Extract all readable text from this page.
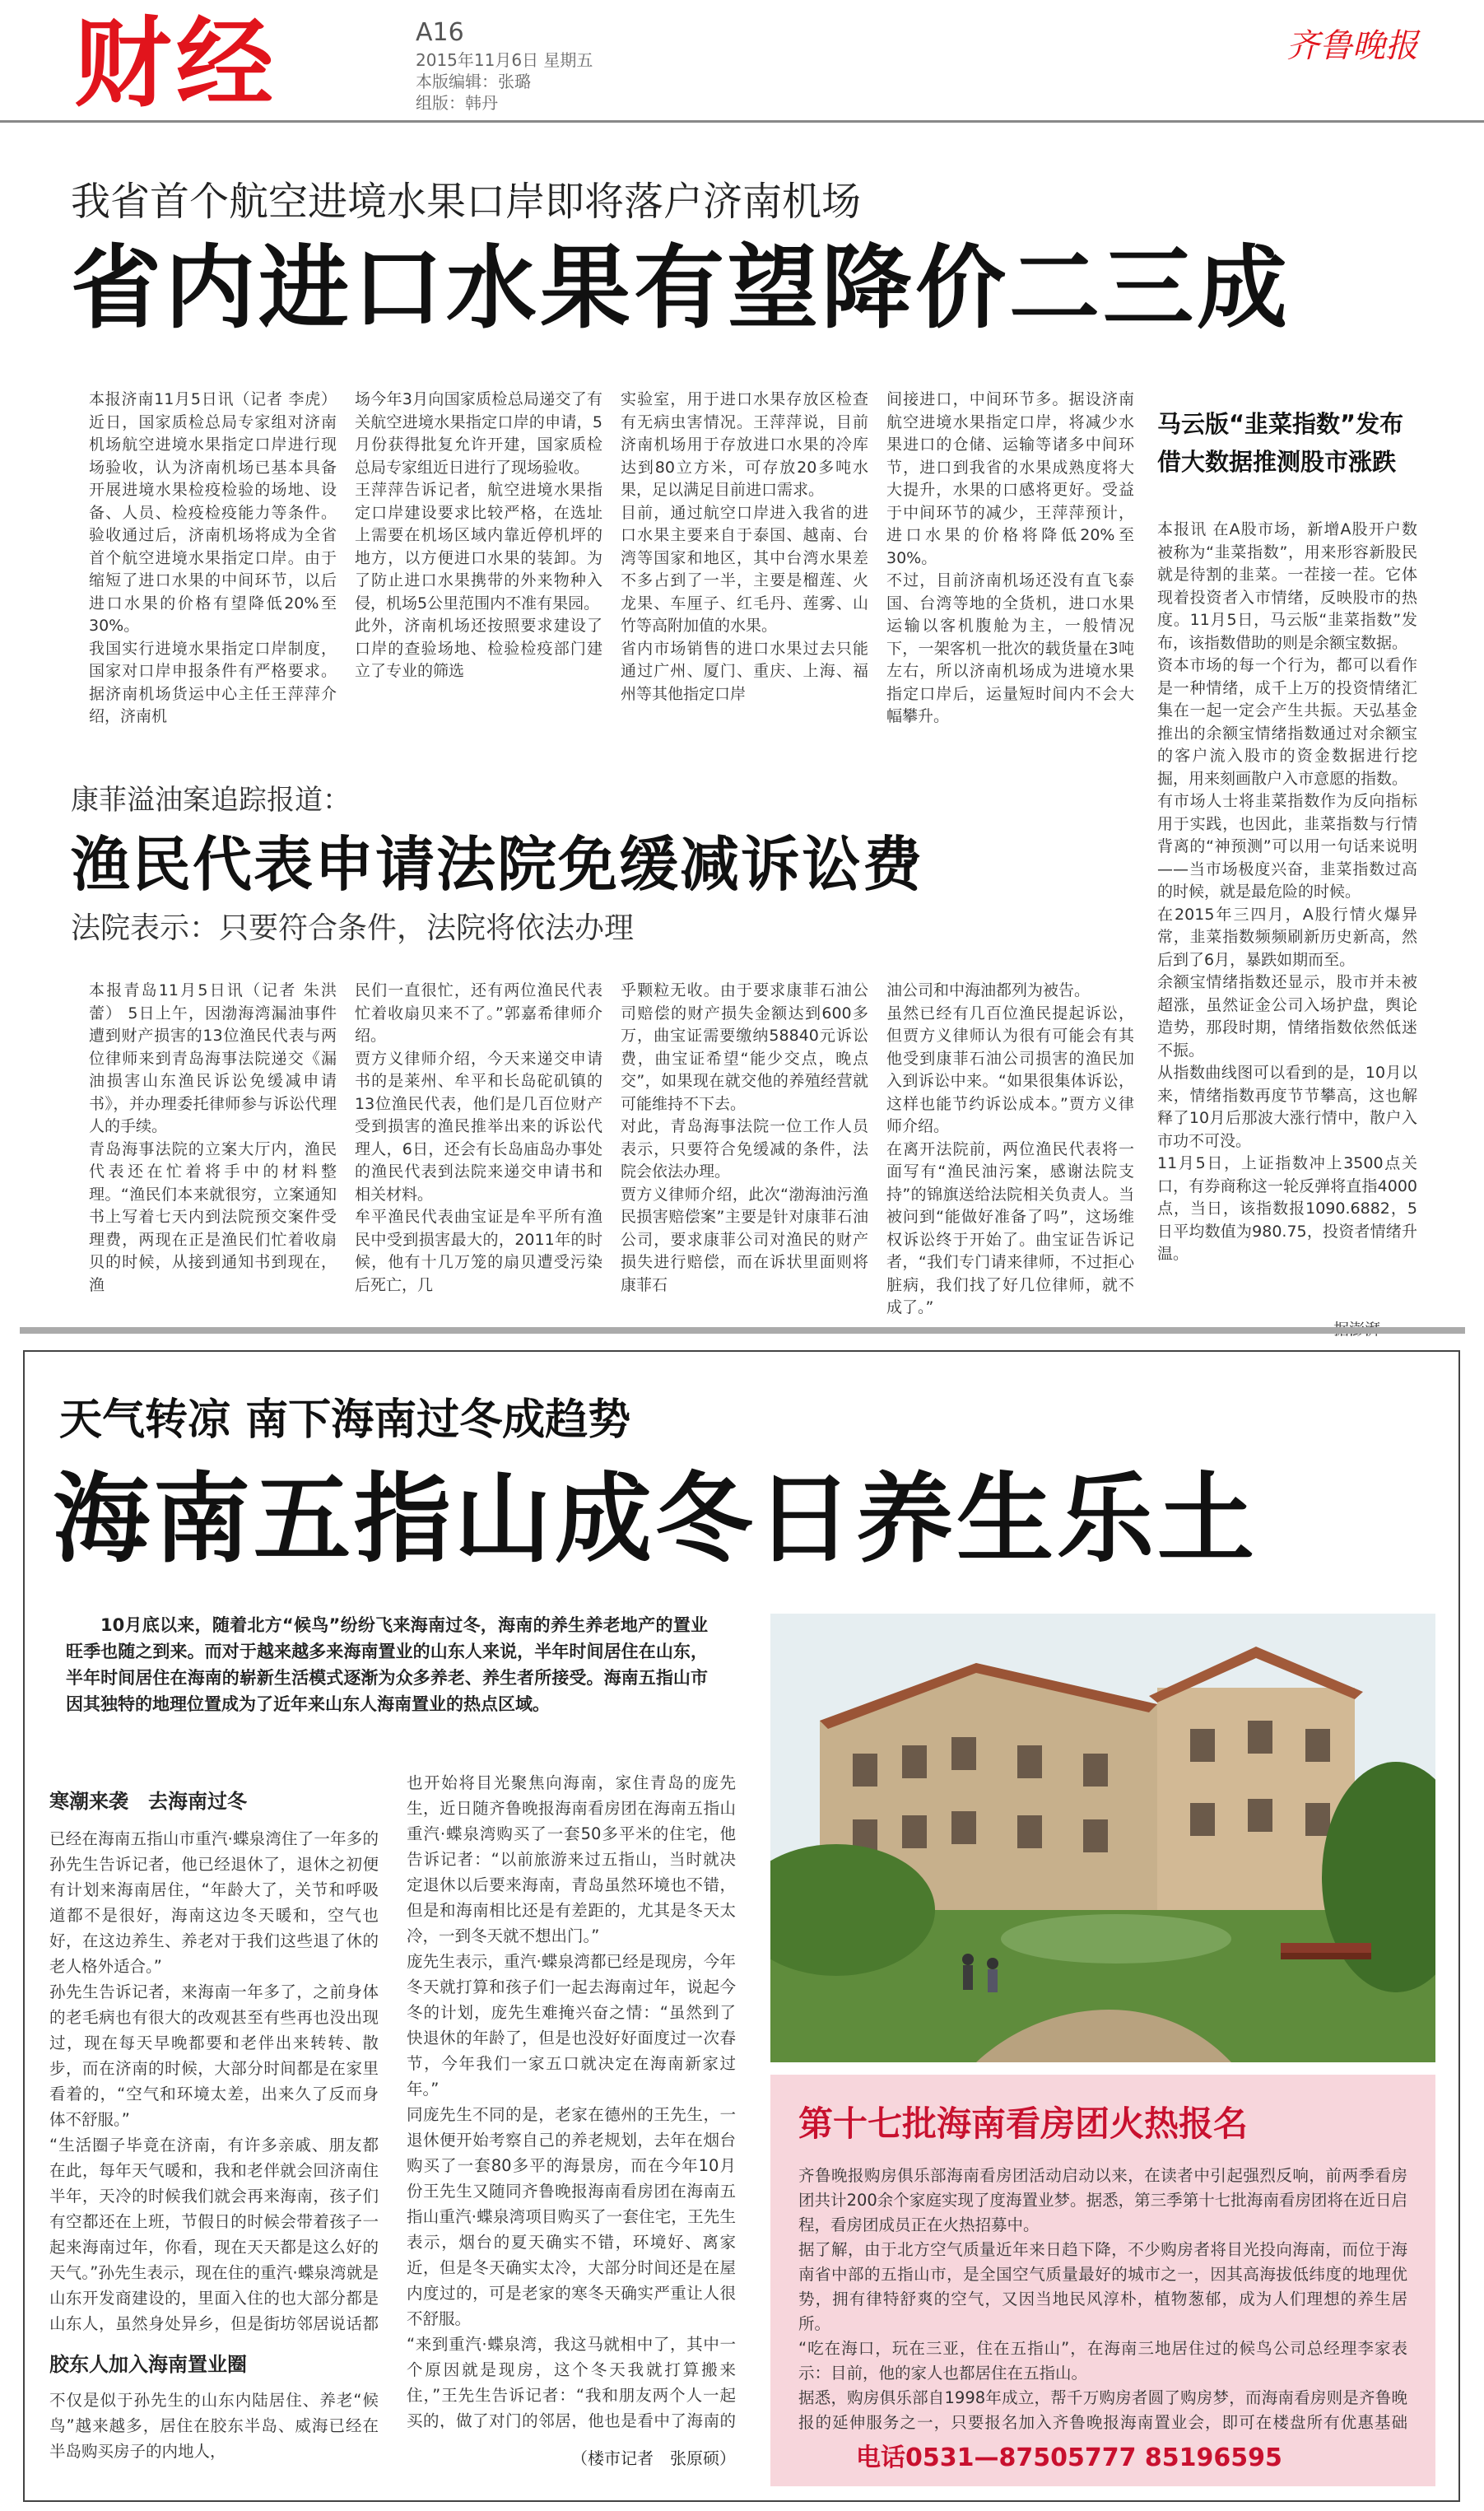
财经	A16
2015年11月6日 星期五
本版编辑：张璐
组版：韩丹
齐鲁晚报
我省首个航空进境水果口岸即将落户济南机场
省内进口水果有望降价二三成
本报济南11月5日讯（记者 李虎） 近日，国家质检总局专家组对济南机场航空进境水果指定口岸进行现场验收，认为济南机场已基本具备开展进境水果检疫检验的场地、设备、人员、检疫检疫能力等条件。验收通过后，济南机场将成为全省首个航空进境水果指定口岸。由于缩短了进口水果的中间环节，以后进口水果的价格有望降低20%至30%。
我国实行进境水果指定口岸制度，国家对口岸申报条件有严格要求。据济南机场货运中心主任王萍萍介绍，济南机
场今年3月向国家质检总局递交了有关航空进境水果指定口岸的申请，5月份获得批复允许开建，国家质检总局专家组近日进行了现场验收。
王萍萍告诉记者，航空进境水果指定口岸建设要求比较严格，在选址上需要在机场区域内靠近停机坪的地方，以方便进口水果的装卸。为了防止进口水果携带的外来物种入侵，机场5公里范围内不准有果园。
此外，济南机场还按照要求建设了口岸的查验场地、检验检疫部门建立了专业的筛选
实验室，用于进口水果存放区检查有无病虫害情况。王萍萍说，目前济南机场用于存放进口水果的冷库达到80立方米，可存放20多吨水果，足以满足目前进口需求。
目前，通过航空口岸进入我省的进口水果主要来自于泰国、越南、台湾等国家和地区，其中台湾水果差不多占到了一半，主要是榴莲、火龙果、车厘子、红毛丹、莲雾、山竹等高附加值的水果。
省内市场销售的进口水果过去只能通过广州、厦门、重庆、上海、福州等其他指定口岸
间接进口，中间环节多。据设济南航空进境水果指定口岸，将减少水果进口的仓储、运输等诸多中间环节，进口到我省的水果成熟度将大大提升，水果的口感将更好。受益于中间环节的减少，王萍萍预计，进口水果的价格将降低20%至30%。
不过，目前济南机场还没有直飞泰国、台湾等地的全货机，进口水果运输以客机腹舱为主，一般情况下，一架客机一批次的载货量在3吨左右，所以济南机场成为进境水果指定口岸后，运量短时间内不会大幅攀升。
马云版“韭菜指数”发布
借大数据推测股市涨跌
本报讯 在A股市场，新增A股开户数被称为“韭菜指数”，用来形容新股民就是待割的韭菜。一茬接一茬。它体现着投资者入市情绪，反映股市的热度。11月5日，马云版“韭菜指数”发布，该指数借助的则是余额宝数据。
资本市场的每一个行为，都可以看作是一种情绪，成千上万的投资情绪汇集在一起一定会产生共振。天弘基金推出的余额宝情绪指数通过对余额宝的客户流入股市的资金数据进行挖掘，用来刻画散户入市意愿的指数。
有市场人士将韭菜指数作为反向指标用于实践，也因此，韭菜指数与行情背离的“神预测”可以用一句话来说明——当市场极度兴奋，韭菜指数过高的时候，就是最危险的时候。
在2015年三四月，A股行情火爆异常，韭菜指数频频刷新历史新高，然后到了6月，暴跌如期而至。
余额宝情绪指数还显示，股市并未被超涨，虽然证金公司入场护盘，舆论造势，那段时期，情绪指数依然低迷不振。
从指数曲线图可以看到的是，10月以来，情绪指数再度节节攀高，这也解释了10月后那波大涨行情中，散户入市功不可没。
11月5日，上证指数冲上3500点关口，有券商称这一轮反弹将直指4000点，当日，该指数报1090.6882，5日平均数值为980.75，投资者情绪升温。
康菲溢油案追踪报道：
渔民代表申请法院免缓减诉讼费
法院表示：只要符合条件，法院将依法办理
本报青岛11月5日讯（记者 朱洪蕾） 5日上午，因渤海湾漏油事件遭到财产损害的13位渔民代表与两位律师来到青岛海事法院递交《漏油损害山东渔民诉讼免缓减申请书》，并办理委托律师参与诉讼代理人的手续。
青岛海事法院的立案大厅内，渔民代表还在忙着将手中的材料整理。“渔民们本来就很穷，立案通知书上写着七天内到法院预交案件受理费，两现在正是渔民们忙着收扇贝的时候，从接到通知书到现在，渔
民们一直很忙，还有两位渔民代表忙着收扇贝来不了。”郭嘉希律师介绍。
贾方义律师介绍，今天来递交申请书的是莱州、牟平和长岛砣矶镇的13位渔民代表，他们是几百位财产受到损害的渔民推举出来的诉讼代理人，6日，还会有长岛庙岛办事处的渔民代表到法院来递交申请书和相关材料。
牟平渔民代表曲宝证是牟平所有渔民中受到损害最大的，2011年的时候，他有十几万笼的扇贝遭受污染后死亡，几
乎颗粒无收。由于要求康菲石油公司赔偿的财产损失金额达到600多万，曲宝证需要缴纳58840元诉讼费，曲宝证希望“能少交点，晚点交”，如果现在就交他的养殖经营就可能维持不下去。
对此，青岛海事法院一位工作人员表示，只要符合免缓减的条件，法院会依法办理。
贾方义律师介绍，此次“渤海油污渔民损害赔偿案”主要是针对康菲石油公司，要求康菲公司对渔民的财产损失进行赔偿，而在诉状里面则将康菲石
油公司和中海油都列为被告。
虽然已经有几百位渔民提起诉讼，但贾方义律师认为很有可能会有其他受到康菲石油公司损害的渔民加入到诉讼中来。“如果很集体诉讼，这样也能节约诉讼成本。”贾方义律师介绍。
在离开法院前，两位渔民代表将一面写有“渔民油污案，感谢法院支持”的锦旗送给法院相关负责人。当被问到“能做好准备了吗”，这场维权诉讼终于开始了。曲宝证告诉记者，“我们专门请来律师，不过拒心脏病，我们找了好几位律师，就不成了。”
天气转凉 南下海南过冬成趋势
海南五指山成冬日养生乐土
10月底以来，随着北方“候鸟”纷纷飞来海南过冬，海南的养生养老地产的置业旺季也随之到来。而对于越来越多来海南置业的山东人来说，半年时间居住在山东，半年时间居住在海南的崭新生活模式逐渐为众多养老、养生者所接受。海南五指山市因其独特的地理位置成为了近年来山东人海南置业的热点区域。
寒潮来袭　去海南过冬
已经在海南五指山市重汽·蝶泉湾住了一年多的孙先生告诉记者，他已经退休了，退休之初便有计划来海南居住，“年龄大了，关节和呼吸道都不是很好，海南这边冬天暖和，空气也好，在这边养生、养老对于我们这些退了休的老人格外适合。”
孙先生告诉记者，来海南一年多了，之前身体的老毛病也有很大的改观甚至有些再也没出现过，现在每天早晚都要和老伴出来转转、散步，而在济南的时候，大部分时间都是在家里看着的，“空气和环境太差，出来久了反而身体不舒服。”
“生活圈子毕竟在济南，有许多亲戚、朋友都在此，每年天气暖和，我和老伴就会回济南住半年，天冷的时候我们就会再来海南，孩子们有空都还在上班，节假日的时候会带着孩子一起来海南过年，你看，现在天天都是这么好的天气。”孙先生表示，现在住的重汽·蝶泉湾就是山东开发商建设的，里面入住的也大部分都是山东人，虽然身处异乡，但是街坊邻居说话都
胶东人加入海南置业圈
不仅是似于孙先生的山东内陆居住、养老“候鸟”越来越多，居住在胶东半岛、威海已经在半岛购买房子的内地人，
也开始将目光聚焦向海南，家住青岛的庞先生，近日随齐鲁晚报海南看房团在海南五指山重汽·蝶泉湾购买了一套50多平米的住宅，他告诉记者：“以前旅游来过五指山，当时就决定退休以后要来海南，青岛虽然环境也不错，但是和海南相比还是有差距的，尤其是冬天太冷，一到冬天就不想出门。”
庞先生表示，重汽·蝶泉湾都已经是现房，今年冬天就打算和孩子们一起去海南过年，说起今冬的计划，庞先生难掩兴奋之情：“虽然到了快退休的年龄了，但是也没好好面度过一次春节，今年我们一家五口就决定在海南新家过年。”
同庞先生不同的是，老家在德州的王先生，一退休便开始考察自己的养老规划，去年在烟台购买了一套80多平的海景房，而在今年10月份王先生又随同齐鲁晚报海南看房团在海南五指山重汽·蝶泉湾项目购买了一套住宅，王先生表示，烟台的夏天确实不错，环境好、离家近，但是冬天确实太冷，大部分时间还是在屋内度过的，可是老家的寒冬天确实严重让人很不舒服。
“来到重汽·蝶泉湾，我这马就相中了，其中一个原因就是现房，这个冬天我就打算搬来住，”王先生告诉记者：“我和朋友两个人一起买的，做了对门的邻居，他也是看中了海南的
（楼市记者　张原硕）
第十七批海南看房团火热报名
齐鲁晚报购房俱乐部海南看房团活动启动以来，在读者中引起强烈反响，前两季看房团共计200余个家庭实现了度海置业梦。据悉，第三季第十七批海南看房团将在近日启程，看房团成员正在火热招募中。
据了解，由于北方空气质量近年来日趋下降，不少购房者将目光投向海南，而位于海南省中部的五指山市，是全国空气质量最好的城市之一，因其高海拔低纬度的地理优势，拥有律特舒爽的空气，又因当地民风淳朴，植物葱郁，成为人们理想的养生居所。
“吃在海口，玩在三亚，住在五指山”，在海南三地居住过的候鸟公司总经理李家表示：目前，他的家人也都居住在五指山。
据悉，购房俱乐部自1998年成立，帮千万购房者圆了购房梦，而海南看房则是齐鲁晚报的延伸服务之一，只要报名加入齐鲁晚报海南置业会，即可在楼盘所有优惠基础
电话0531—87505777 85196595
